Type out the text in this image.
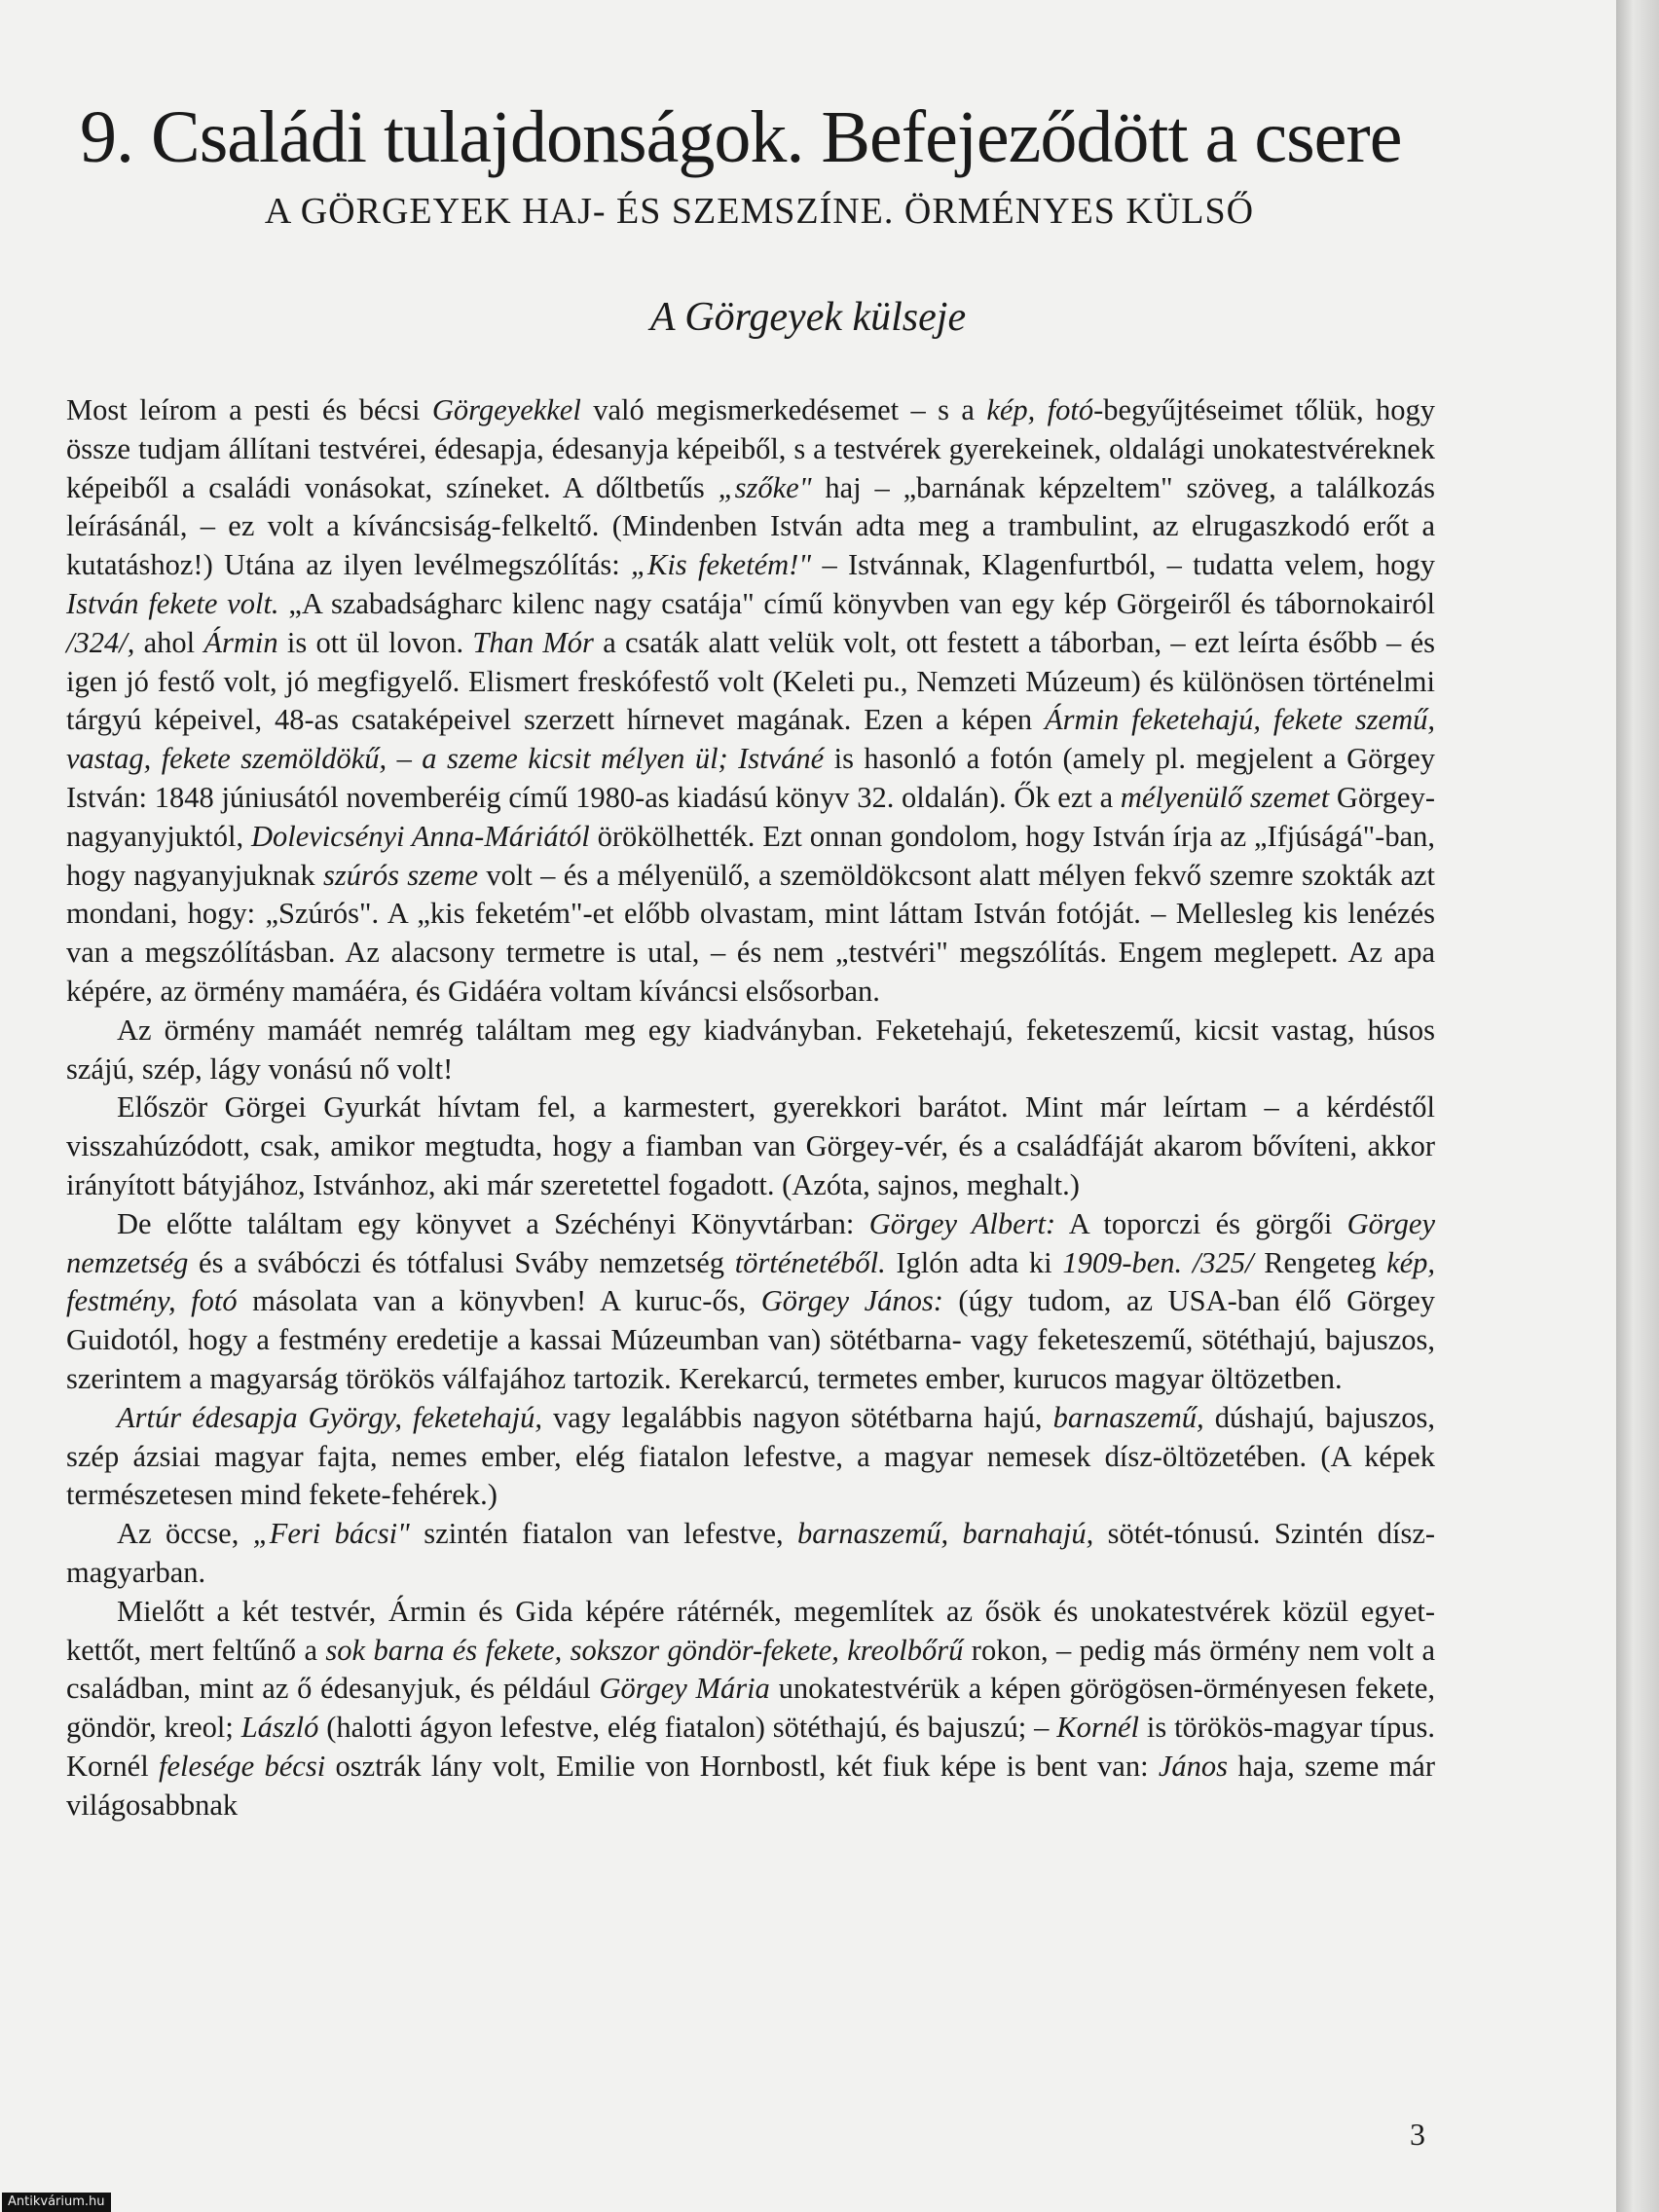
9. Családi tulajdonságok. Befejeződött a csere
A GÖRGEYEK HAJ- ÉS SZEMSZÍNE. ÖRMÉNYES KÜLSŐ
A Görgeyek külseje

Most leírom a pesti és bécsi Görgeyekkel való megismerkedésemet – s a kép, fotó-begyűjtéseimet tőlük, hogy össze tudjam állítani testvérei, édesapja, édesanyja képeiből, s a testvérek gyerekeinek, oldalági unokatestvéreknek képeiből a családi vonásokat, színeket. A dőltbetűs „szőke" haj – „barnának képzeltem" szöveg, a találkozás leírásánál, – ez volt a kíváncsiság-felkeltő. (Mindenben István adta meg a trambulint, az elrugaszkodó erőt a kutatáshoz!) Utána az ilyen levélmegszólítás: „Kis feketém!" – Istvánnak, Klagenfurtból, – tudatta velem, hogy István fekete volt. „A szabadságharc kilenc nagy csatája" című könyvben van egy kép Görgeiről és tábornokairól /324/, ahol Ármin is ott ül lovon. Than Mór a csaták alatt velük volt, ott festett a táborban, – ezt leírta ésőbb – és igen jó festő volt, jó megfigyelő. Elismert freskófestő volt (Keleti pu., Nemzeti Múzeum) és különösen történelmi tárgyú képeivel, 48-as csataképeivel szerzett hírnevet magának. Ezen a képen Ármin feketehajú, fekete szemű, vastag, fekete szemöldökű, – a szeme kicsit mélyen ül; Istváné is hasonló a fotón (amely pl. megjelent a Görgey István: 1848 júniusától novemberéig című 1980-as kiadású könyv 32. oldalán). Ők ezt a mélyenülő szemet Görgey-nagyanyjuktól, Dolevicsényi Anna-Máriától örökölhették. Ezt onnan gondolom, hogy István írja az „Ifjúságá"-ban, hogy nagyanyjuknak szúrós szeme volt – és a mélyenülő, a szemöldökcsont alatt mélyen fekvő szemre szokták azt mondani, hogy: „Szúrós". A „kis feketém"-et előbb olvastam, mint láttam István fotóját. – Mellesleg kis lenézés van a megszólításban. Az alacsony termetre is utal, – és nem „testvéri" megszólítás. Engem meglepett. Az apa képére, az örmény mamáéra, és Gidáéra voltam kíváncsi elsősorban.

Az örmény mamáét nemrég találtam meg egy kiadványban. Feketehajú, feketeszemű, kicsit vastag, húsos szájú, szép, lágy vonású nő volt!

Először Görgei Gyurkát hívtam fel, a karmestert, gyerekkori barátot. Mint már leírtam – a kérdéstől visszahúzódott, csak, amikor megtudta, hogy a fiamban van Görgey-vér, és a családfáját akarom bővíteni, akkor irányított bátyjához, Istvánhoz, aki már szeretettel fogadott. (Azóta, sajnos, meghalt.)

De előtte találtam egy könyvet a Széchényi Könyvtárban: Görgey Albert: A toporczi és görgői Görgey nemzetség és a svábóczi és tótfalusi Sváby nemzetség történetéből. Iglón adta ki 1909-ben. /325/ Rengeteg kép, festmény, fotó másolata van a könyvben! A kuruc-ős, Görgey János: (úgy tudom, az USA-ban élő Görgey Guidotól, hogy a festmény eredetije a kassai Múzeumban van) sötétbarna- vagy feketeszemű, sötéthajú, bajuszos, szerintem a magyarság törökös válfajához tartozik. Kerekarcú, termetes ember, kurucos magyar öltözetben.

Artúr édesapja György, feketehajú, vagy legalábbis nagyon sötétbarna hajú, barnaszemű, dúshajú, bajuszos, szép ázsiai magyar fajta, nemes ember, elég fiatalon lefestve, a magyar nemesek dísz-öltözetében. (A képek természetesen mind fekete-fehérek.)

Az öccse, „Feri bácsi" szintén fiatalon van lefestve, barnaszemű, barnahajú, sötét-tónusú. Szintén dísz-magyarban.

Mielőtt a két testvér, Ármin és Gida képére rátérnék, megemlítek az ősök és unokatestvérek közül egyet-kettőt, mert feltűnő a sok barna és fekete, sokszor göndör-fekete, kreolbőrű rokon, – pedig más örmény nem volt a családban, mint az ő édesanyjuk, és például Görgey Mária unokatestvérük a képen görögösen-örményesen fekete, göndör, kreol; László (halotti ágyon lefestve, elég fiatalon) sötéthajú, és bajuszú; – Kornél is törökös-magyar típus. Kornél felesége bécsi osztrák lány volt, Emilie von Hornbostl, két fiuk képe is bent van: János haja, szeme már világosabbnak

3
Antikvárium.hu
